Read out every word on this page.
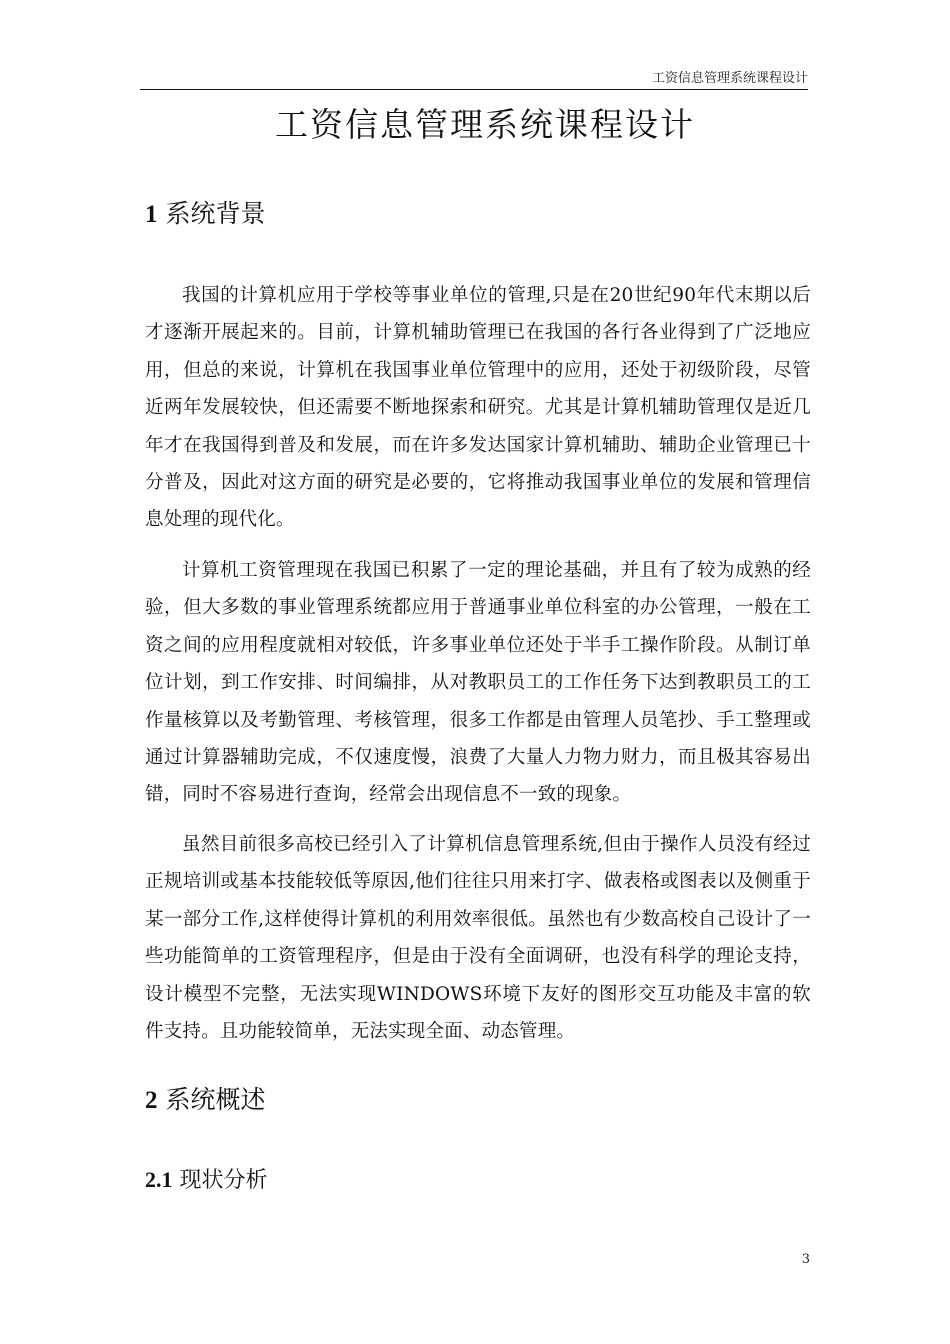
工资信息管理系统课程设计
工资信息管理系统课程设计
1 系统背景

我国的计算机应用于学校等事业单位的管理,只是在20世纪90年代末期以后才逐渐开展起来的。目前，计算机辅助管理已在我国的各行各业得到了广泛地应用，但总的来说，计算机在我国事业单位管理中的应用，还处于初级阶段，尽管近两年发展较快，但还需要不断地探索和研究。尤其是计算机辅助管理仅是近几年才在我国得到普及和发展，而在许多发达国家计算机辅助、辅助企业管理已十分普及，因此对这方面的研究是必要的，它将推动我国事业单位的发展和管理信息处理的现代化。

计算机工资管理现在我国已积累了一定的理论基础，并且有了较为成熟的经验，但大多数的事业管理系统都应用于普通事业单位科室的办公管理，一般在工资之间的应用程度就相对较低，许多事业单位还处于半手工操作阶段。从制订单位计划，到工作安排、时间编排，从对教职员工的工作任务下达到教职员工的工作量核算以及考勤管理、考核管理，很多工作都是由管理人员笔抄、手工整理或通过计算器辅助完成，不仅速度慢，浪费了大量人力物力财力，而且极其容易出错，同时不容易进行查询，经常会出现信息不一致的现象。

虽然目前很多高校已经引入了计算机信息管理系统,但由于操作人员没有经过正规培训或基本技能较低等原因,他们往往只用来打字、做表格或图表以及侧重于某一部分工作,这样使得计算机的利用效率很低。虽然也有少数高校自己设计了一些功能简单的工资管理程序，但是由于没有全面调研，也没有科学的理论支持，设计模型不完整，无法实现WINDOWS环境下友好的图形交互功能及丰富的软件支持。且功能较简单，无法实现全面、动态管理。

2 系统概述
2.1 现状分析
3
